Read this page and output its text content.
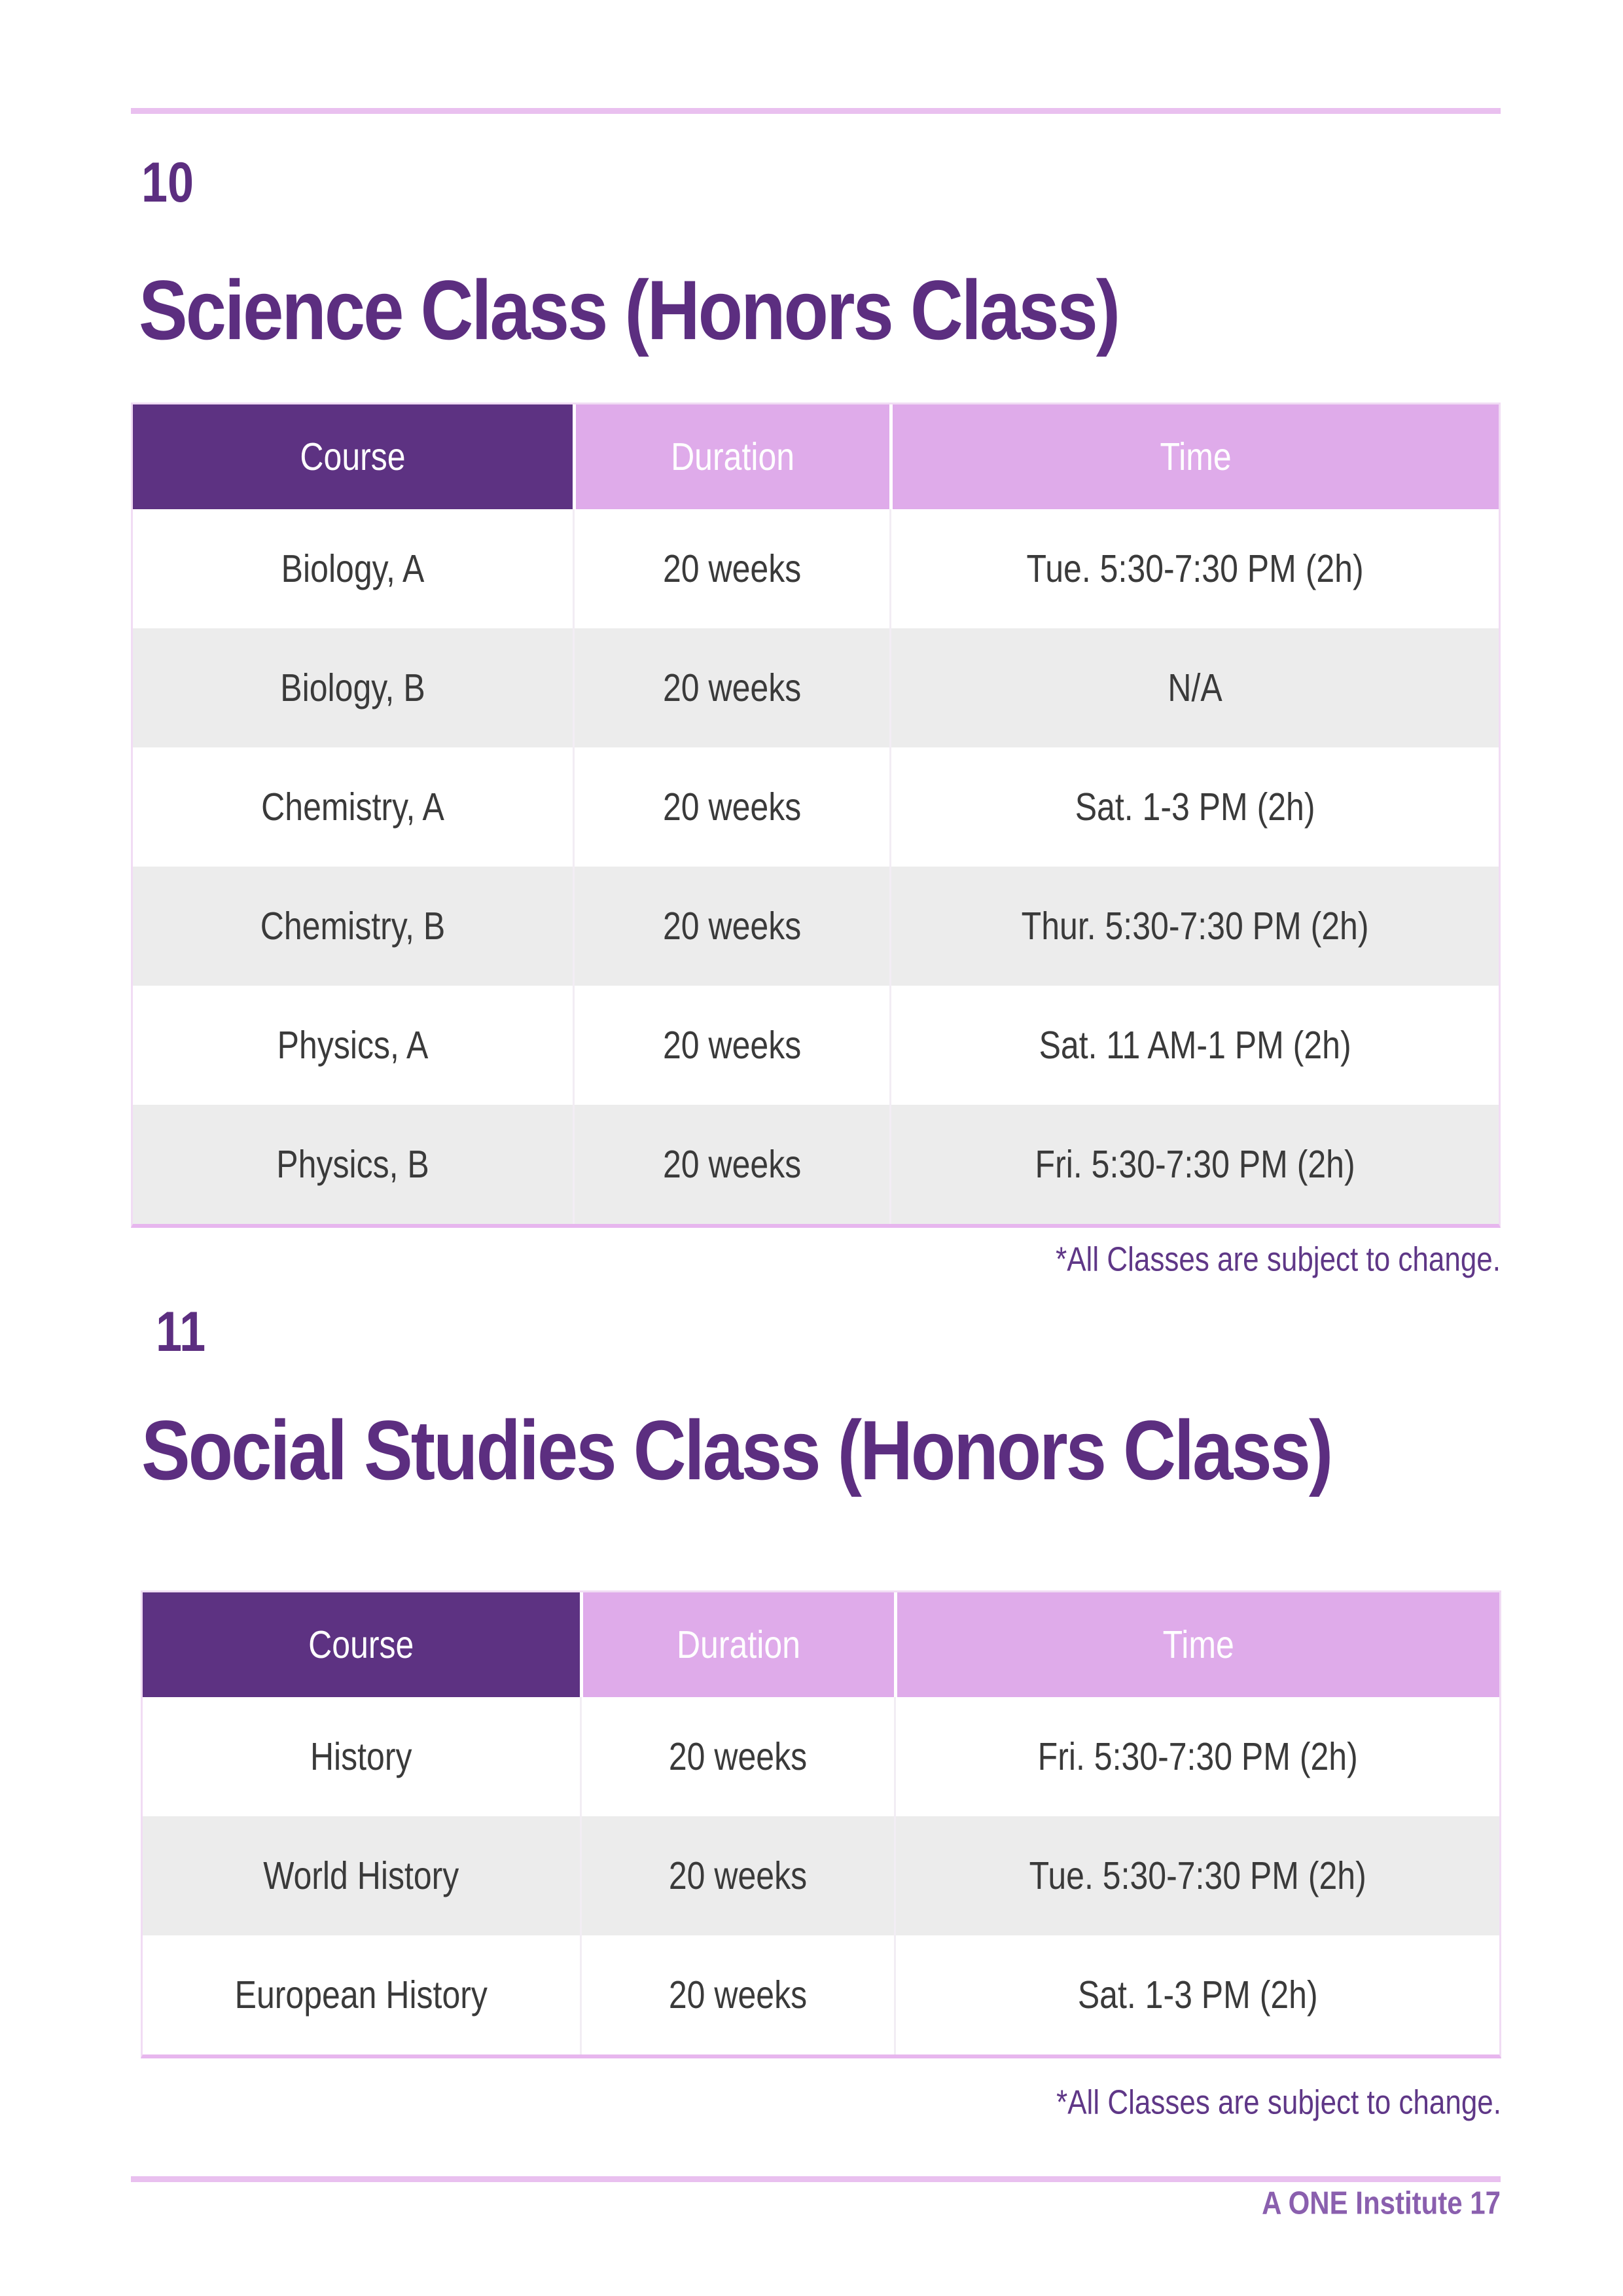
10
Science Class (Honors Class)
Course	Duration	Time
Biology, A	20 weeks	Tue. 5:30-7:30 PM (2h)
Biology, B	20 weeks	N/A
Chemistry, A	20 weeks	Sat. 1-3 PM (2h)
Chemistry, B	20 weeks	Thur. 5:30-7:30 PM (2h)
Physics, A	20 weeks	Sat. 11 AM-1 PM (2h)
Physics, B	20 weeks	Fri. 5:30-7:30 PM (2h)
*All Classes are subject to change.
11
Social Studies Class (Honors Class)
Course	Duration	Time
History	20 weeks	Fri. 5:30-7:30 PM (2h)
World History	20 weeks	Tue. 5:30-7:30 PM (2h)
European History	20 weeks	Sat. 1-3 PM (2h)
*All Classes are subject to change.
A ONE Institute 17
